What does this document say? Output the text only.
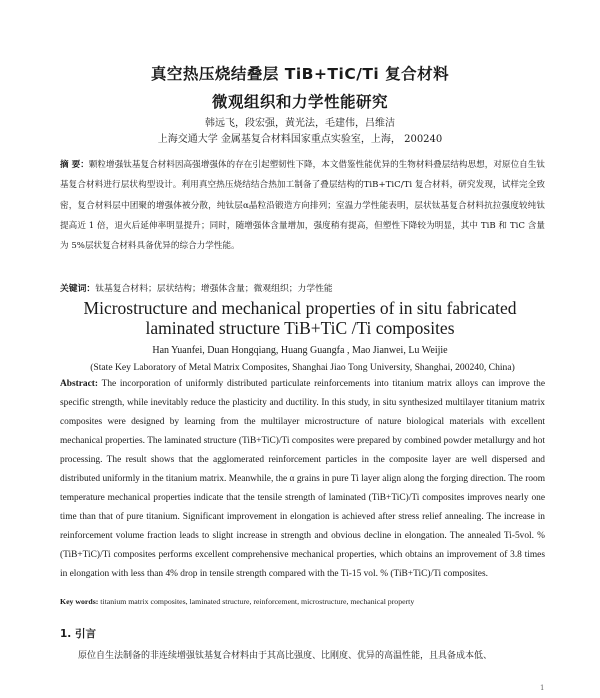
真空热压烧结叠层 TiB+TiC/Ti 复合材料
微观组织和力学性能研究
韩远飞，段宏强，黄光法，毛建伟，吕维洁
上海交通大学 金属基复合材料国家重点实验室，上海， 200240
摘 要：颗粒增强钛基复合材料因高强增强体的存在引起塑韧性下降，本文借鉴性能优异的生物材料叠层结构思想，对原位自生钛基复合材料进行层状构型设计。利用真空热压烧结结合热加工制备了叠层结构的TiB+TiC/Ti 复合材料，研究发现，试样完全致密，复合材料层中团聚的增强体被分散，纯钛层α晶粒沿锻造方向排列；室温力学性能表明，层状钛基复合材料抗拉强度较纯钛提高近 1 倍，退火后延伸率明显提升；同时，随增强体含量增加，强度稍有提高，但塑性下降较为明显，其中 TiB 和 TiC 含量为 5%层状复合材料具备优异的综合力学性能。
关键词：钛基复合材料；层状结构；增强体含量；微观组织；力学性能
Microstructure and mechanical properties of in situ fabricated
laminated structure TiB+TiC /Ti composites
Han Yuanfei, Duan Hongqiang, Huang Guangfa , Mao Jianwei, Lu Weijie
(State Key Laboratory of Metal Matrix Composites, Shanghai Jiao Tong University, Shanghai, 200240, China)
Abstract: The incorporation of uniformly distributed particulate reinforcements into titanium matrix alloys can improve the specific strength, while inevitably reduce the plasticity and ductility. In this study, in situ synthesized multilayer titanium matrix composites were designed by learning from the multilayer microstructure of nature biological materials with excellent mechanical properties. The laminated structure (TiB+TiC)/Ti composites were prepared by combined powder metallurgy and hot processing. The result shows that the agglomerated reinforcement particles in the composite layer are well dispersed and distributed uniformly in the titanium matrix. Meanwhile, the α grains in pure Ti layer align along the forging direction. The room temperature mechanical properties indicate that the tensile strength of laminated (TiB+TiC)/Ti composites improves nearly one time than that of pure titanium. Significant improvement in elongation is achieved after stress relief annealing. The increase in reinforcement volume fraction leads to slight increase in strength and obvious decline in elongation. The annealed Ti-5vol. % (TiB+TiC)/Ti composites performs excellent comprehensive mechanical properties, which obtains an improvement of 3.8 times in elongation with less than 4% drop in tensile strength compared with the Ti-15 vol. % (TiB+TiC)/Ti composites.
Key words: titanium matrix composites, laminated structure, reinforcement, microstructure, mechanical property
1. 引言
原位自生法制备的非连续增强钛基复合材料由于其高比强度、比刚度、优异的高温性能，且具备成本低、
1
